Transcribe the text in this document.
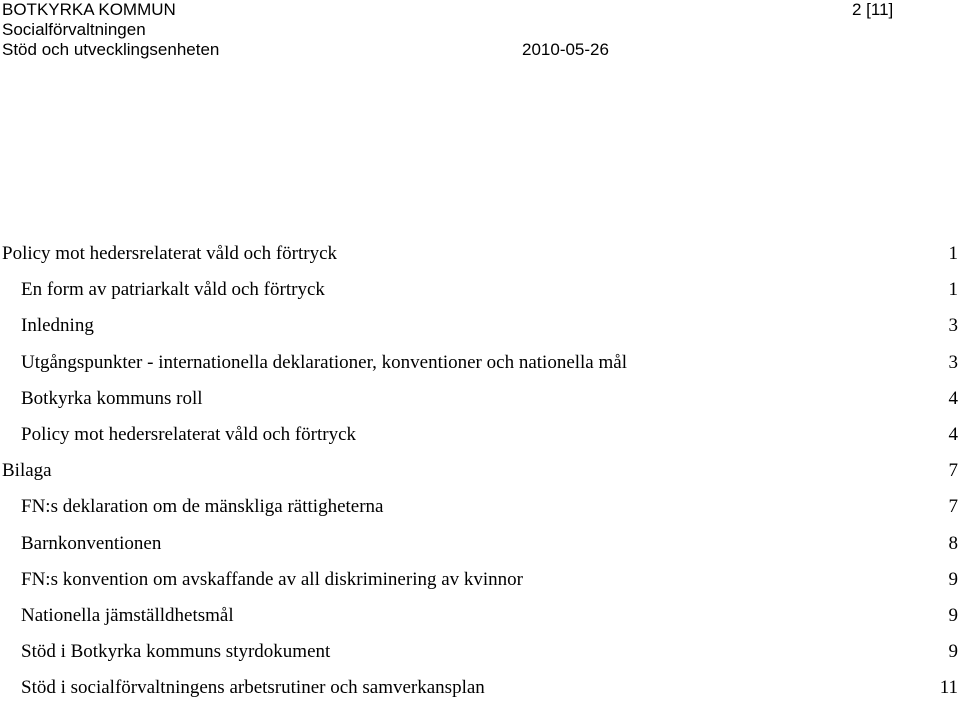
BOTKYRKA KOMMUN	2 [11]
Socialförvaltningen
Stöd och utvecklingsenheten	2010-05-26
Policy mot hedersrelaterat våld och förtryck	1
En form av patriarkalt våld och förtryck	1
Inledning	3
Utgångspunkter - internationella deklarationer, konventioner och nationella mål	3
Botkyrka kommuns roll	4
Policy mot hedersrelaterat våld och förtryck	4
Bilaga	7
FN:s deklaration om de mänskliga rättigheterna	7
Barnkonventionen	8
FN:s konvention om avskaffande av all diskriminering av kvinnor	9
Nationella jämställdhetsmål	9
Stöd i Botkyrka kommuns styrdokument	9
Stöd i socialförvaltningens arbetsrutiner och samverkansplan	11
